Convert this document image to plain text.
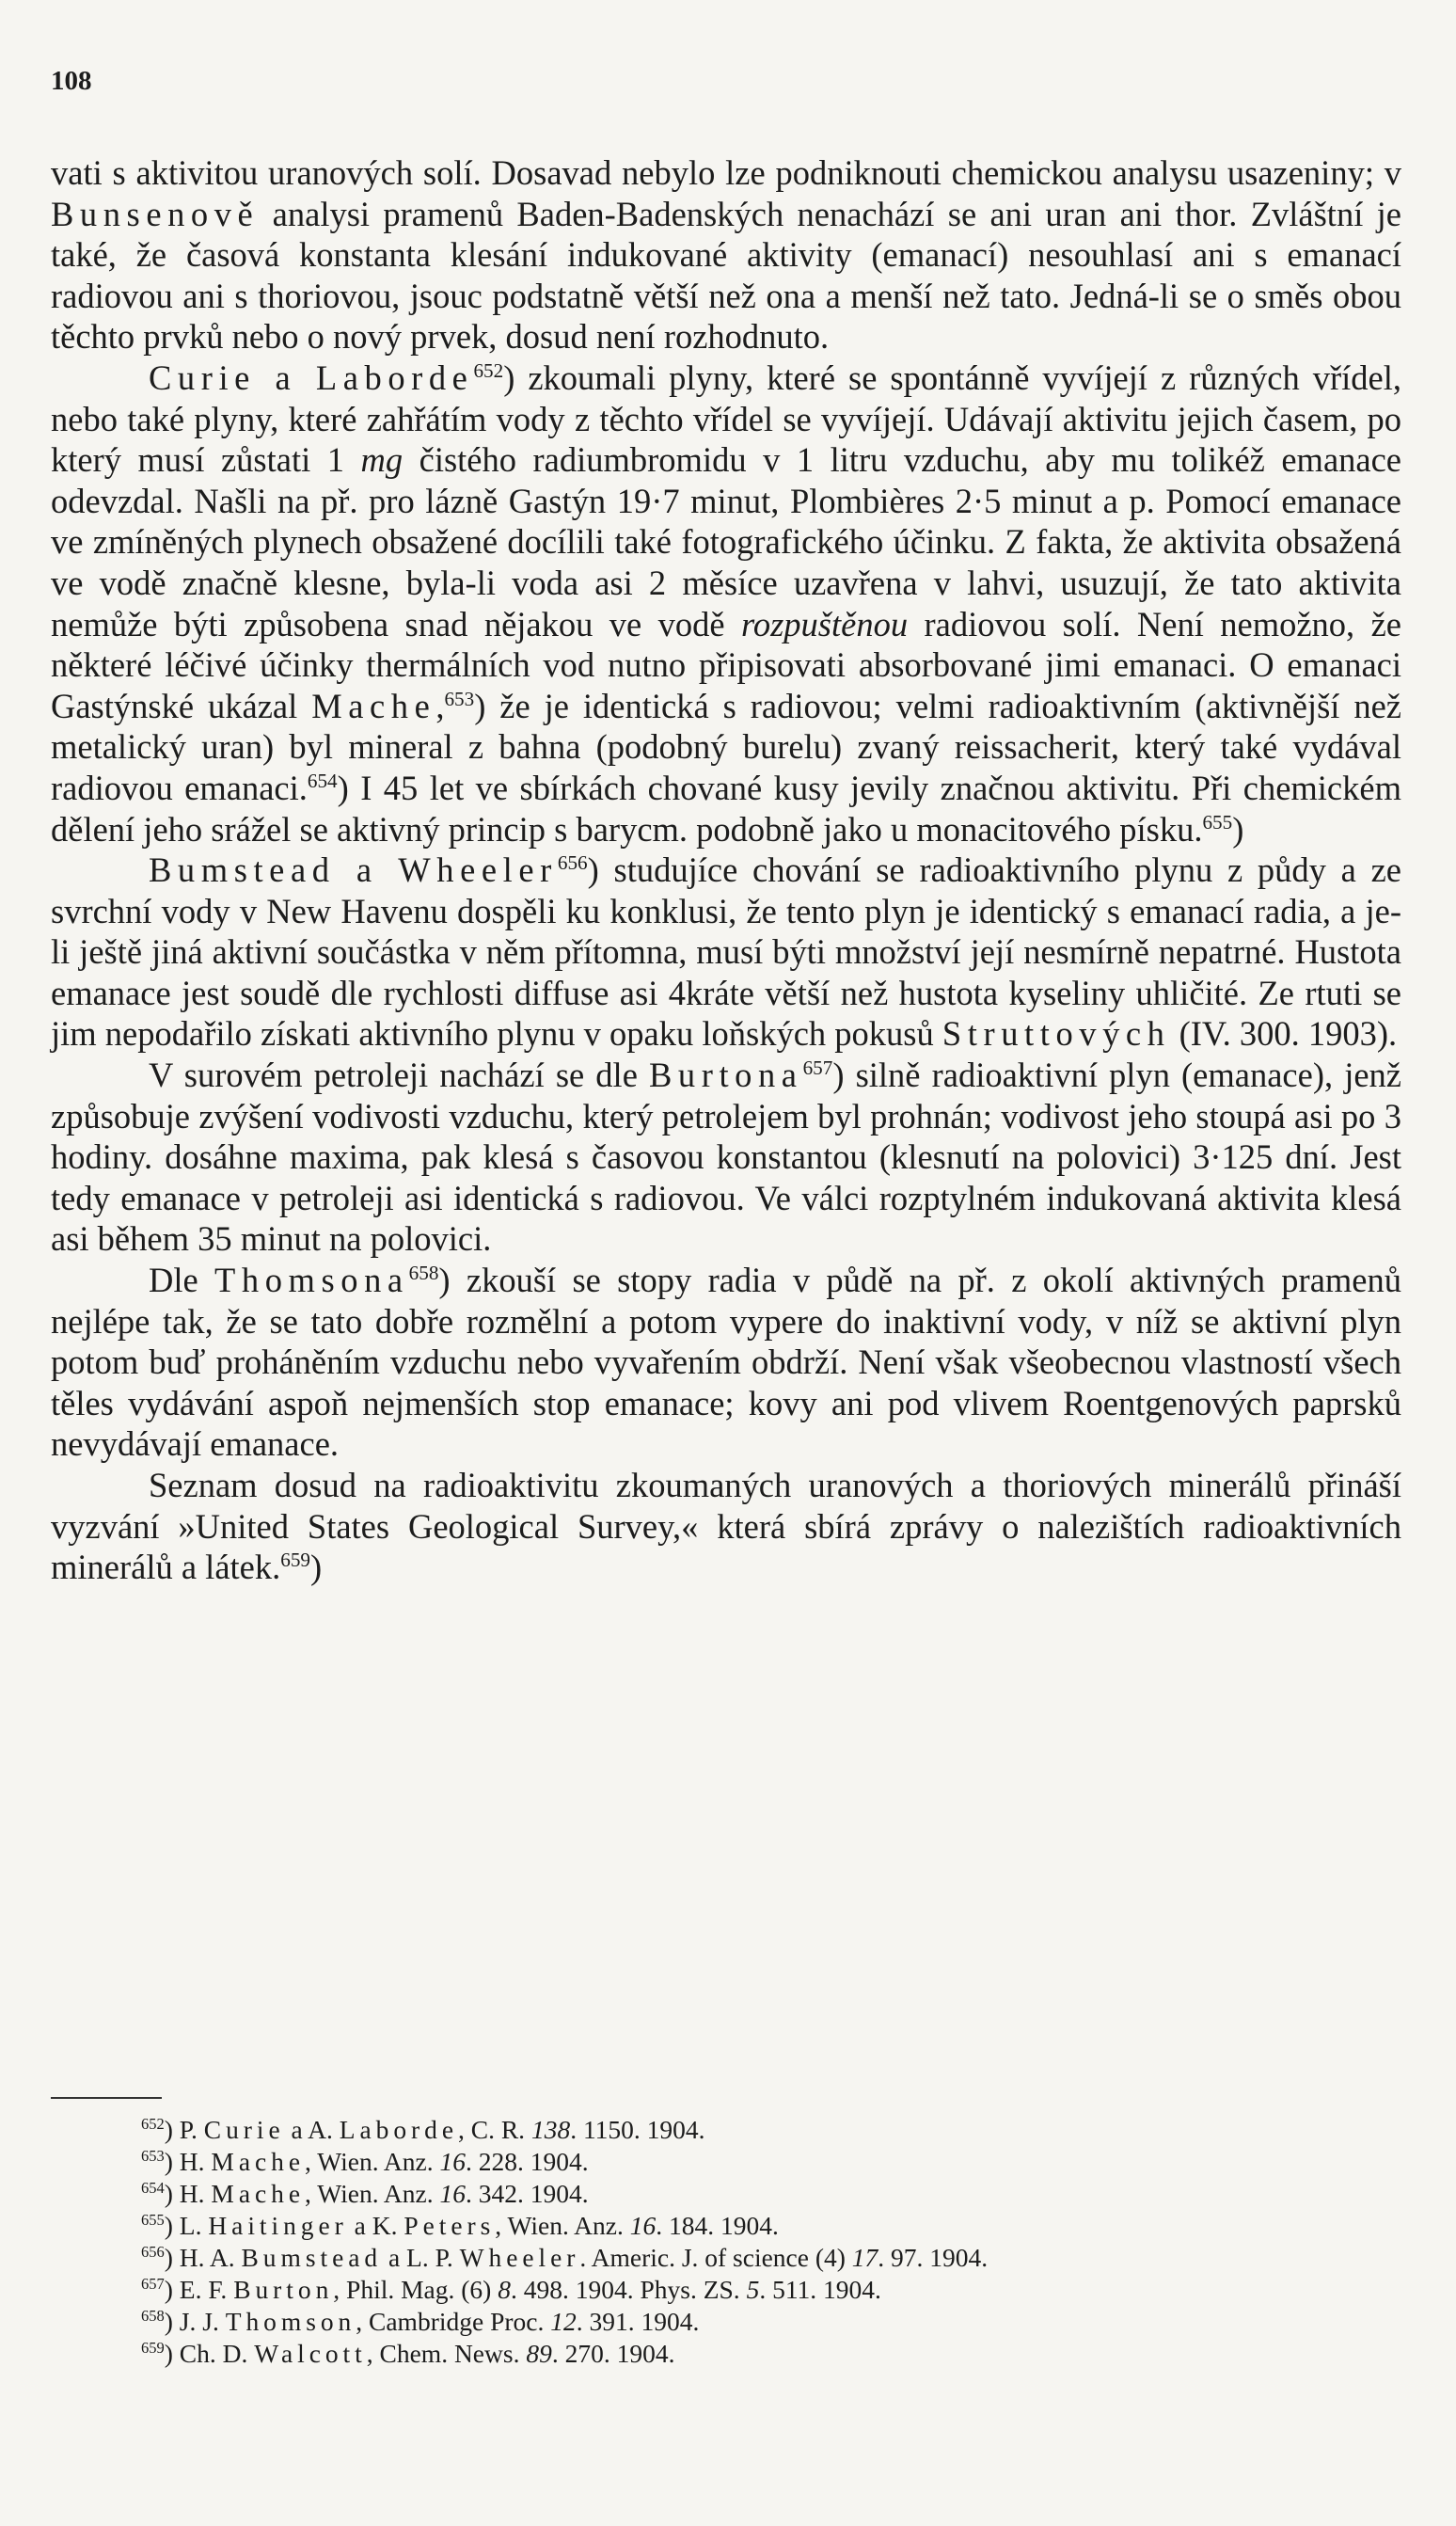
108

vati s aktivitou uranových solí. Dosavad nebylo lze podniknouti chemickou analysu usazeniny; v Bunsenově analysi pramenů Baden-Badenských nenachází se ani uran ani thor. Zvláštní je také, že časová konstanta klesání indukované aktivity (emanací) nesouhlasí ani s emanací radiovou ani s thoriovou, jsouc podstatně větší než ona a menší než tato. Jedná-li se o směs obou těchto prvků nebo o nový prvek, dosud není rozhodnuto.

Curie a Laborde$^{652}$) zkoumali plyny, které se spontánně vyvíjejí z různých vřídel, nebo také plyny, které zahřátím vody z těchto vřídel se vyvíjejí. Udávají aktivitu jejich časem, po který musí zůstati 1 mg čistého radiumbromidu v 1 litru vzduchu, aby mu tolikéž emanace odevzdal. Našli na př. pro lázně Gastýn 19·7 minut, Plombières 2·5 minut a p. Pomocí emanace ve zmíněných plynech obsažené docílili také fotografického účinku. Z fakta, že aktivita obsažená ve vodě značně klesne, byla-li voda asi 2 měsíce uzavřena v lahvi, usuzují, že tato aktivita nemůže býti způsobena snad nějakou ve vodě rozpuštěnou radiovou solí. Není nemožno, že některé léčivé účinky thermálních vod nutno připisovati absorbované jimi emanaci. O emanaci Gastýnské ukázal Mache,$^{653}$) že je identická s radiovou; velmi radioaktivním (aktivnější než metalický uran) byl mineral z bahna (podobný burelu) zvaný reissacherit, který také vydával radiovou emanaci.$^{654}$) I 45 let ve sbírkách chované kusy jevily značnou aktivitu. Při chemickém dělení jeho srážel se aktivný princip s barycm. podobně jako u monacitového písku.$^{655}$)

Bumstead a Wheeler$^{656}$) studujíce chování se radioaktivního plynu z půdy a ze svrchní vody v New Havenu dospěli ku konklusi, že tento plyn je identický s emanací radia, a je-li ještě jiná aktivní součástka v něm přítomna, musí býti množství její nesmírně nepatrné. Hustota emanace jest soudě dle rychlosti diffuse asi 4kráte větší než hustota kyseliny uhličité. Ze rtuti se jim nepodařilo získati aktivního plynu v opaku loňských pokusů Struttových (IV. 300. 1903).

V surovém petroleji nachází se dle Burtona$^{657}$) silně radioaktivní plyn (emanace), jenž způsobuje zvýšení vodivosti vzduchu, který petrolejem byl prohnán; vodivost jeho stoupá asi po 3 hodiny. dosáhne maxima, pak klesá s časovou konstantou (klesnutí na polovici) 3·125 dní. Jest tedy emanace v petroleji asi identická s radiovou. Ve válci rozptylném indukovaná aktivita klesá asi během 35 minut na polovici.

Dle Thomsona$^{658}$) zkouší se stopy radia v půdě na př. z okolí aktivných pramenů nejlépe tak, že se tato dobře rozmělní a potom vypere do inaktivní vody, v níž se aktivní plyn potom buď proháněním vzduchu nebo vyvařením obdrží. Není však všeobecnou vlastností všech těles vydávání aspoň nejmenších stop emanace; kovy ani pod vlivem Roentgenových paprsků nevydávají emanace.

Seznam dosud na radioaktivitu zkoumaných uranových a thoriových minerálů přináší vyzvání »United States Geological Survey,« která sbírá zprávy o nalezištích radioaktivních minerálů a látek.$^{659}$)

$^{652}$) P. Curie a A. Laborde, C. R. 138. 1150. 1904.
$^{653}$) H. Mache, Wien. Anz. 16. 228. 1904.
$^{654}$) H. Mache, Wien. Anz. 16. 342. 1904.
$^{655}$) L. Haitinger a K. Peters, Wien. Anz. 16. 184. 1904.
$^{656}$) H. A. Bumstead a L. P. Wheeler. Americ. J. of science (4) 17. 97. 1904.
$^{657}$) E. F. Burton, Phil. Mag. (6) 8. 498. 1904. Phys. ZS. 5. 511. 1904.
$^{658}$) J. J. Thomson, Cambridge Proc. 12. 391. 1904.
$^{659}$) Ch. D. Walcott, Chem. News. 89. 270. 1904.
